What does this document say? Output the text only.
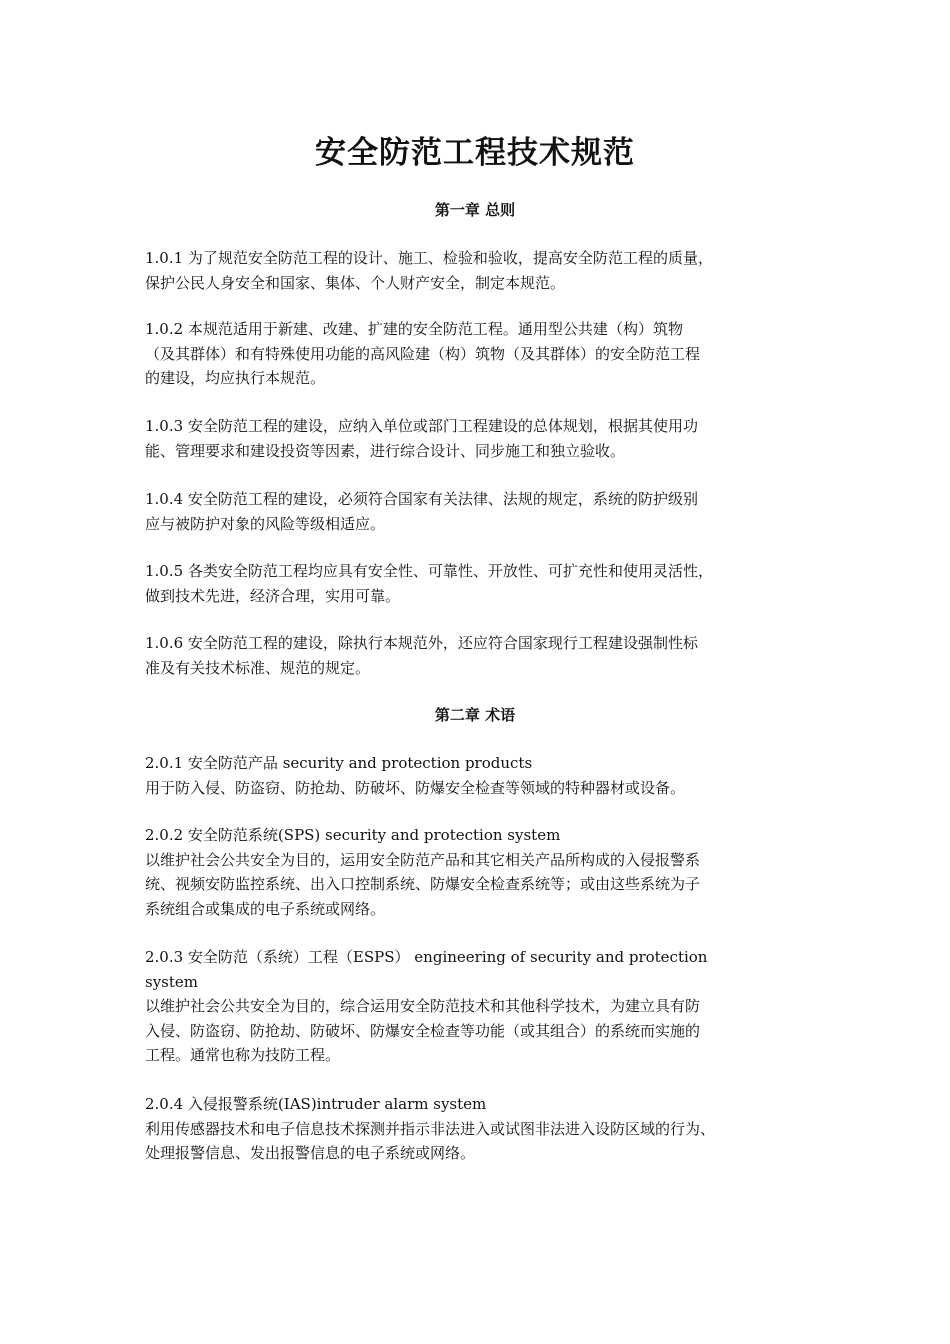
安全防范工程技术规范
第一章 总则

1.0.1 为了规范安全防范工程的设计、施工、检验和验收，提高安全防范工程的质量，
保护公民人身安全和国家、集体、个人财产安全，制定本规范。

1.0.2 本规范适用于新建、改建、扩建的安全防范工程。通用型公共建（构）筑物
（及其群体）和有特殊使用功能的高风险建（构）筑物（及其群体）的安全防范工程
的建设，均应执行本规范。

1.0.3 安全防范工程的建设，应纳入单位或部门工程建设的总体规划，根据其使用功
能、管理要求和建设投资等因素，进行综合设计、同步施工和独立验收。

1.0.4 安全防范工程的建设，必须符合国家有关法律、法规的规定，系统的防护级别
应与被防护对象的风险等级相适应。

1.0.5 各类安全防范工程均应具有安全性、可靠性、开放性、可扩充性和使用灵活性，
做到技术先进，经济合理，实用可靠。

1.0.6 安全防范工程的建设，除执行本规范外，还应符合国家现行工程建设强制性标
准及有关技术标准、规范的规定。

第二章 术语

2.0.1 安全防范产品 security and protection products
用于防入侵、防盗窃、防抢劫、防破坏、防爆安全检查等领域的特种器材或设备。

2.0.2 安全防范系统(SPS) security and protection system
以维护社会公共安全为目的，运用安全防范产品和其它相关产品所构成的入侵报警系
统、视频安防监控系统、出入口控制系统、防爆安全检查系统等；或由这些系统为子
系统组合或集成的电子系统或网络。

2.0.3 安全防范（系统）工程（ESPS） engineering of security and protection
system
以维护社会公共安全为目的，综合运用安全防范技术和其他科学技术，为建立具有防
入侵、防盗窃、防抢劫、防破坏、防爆安全检查等功能（或其组合）的系统而实施的
工程。通常也称为技防工程。

2.0.4 入侵报警系统(IAS)intruder alarm system
利用传感器技术和电子信息技术探测并指示非法进入或试图非法进入设防区域的行为、
处理报警信息、发出报警信息的电子系统或网络。
